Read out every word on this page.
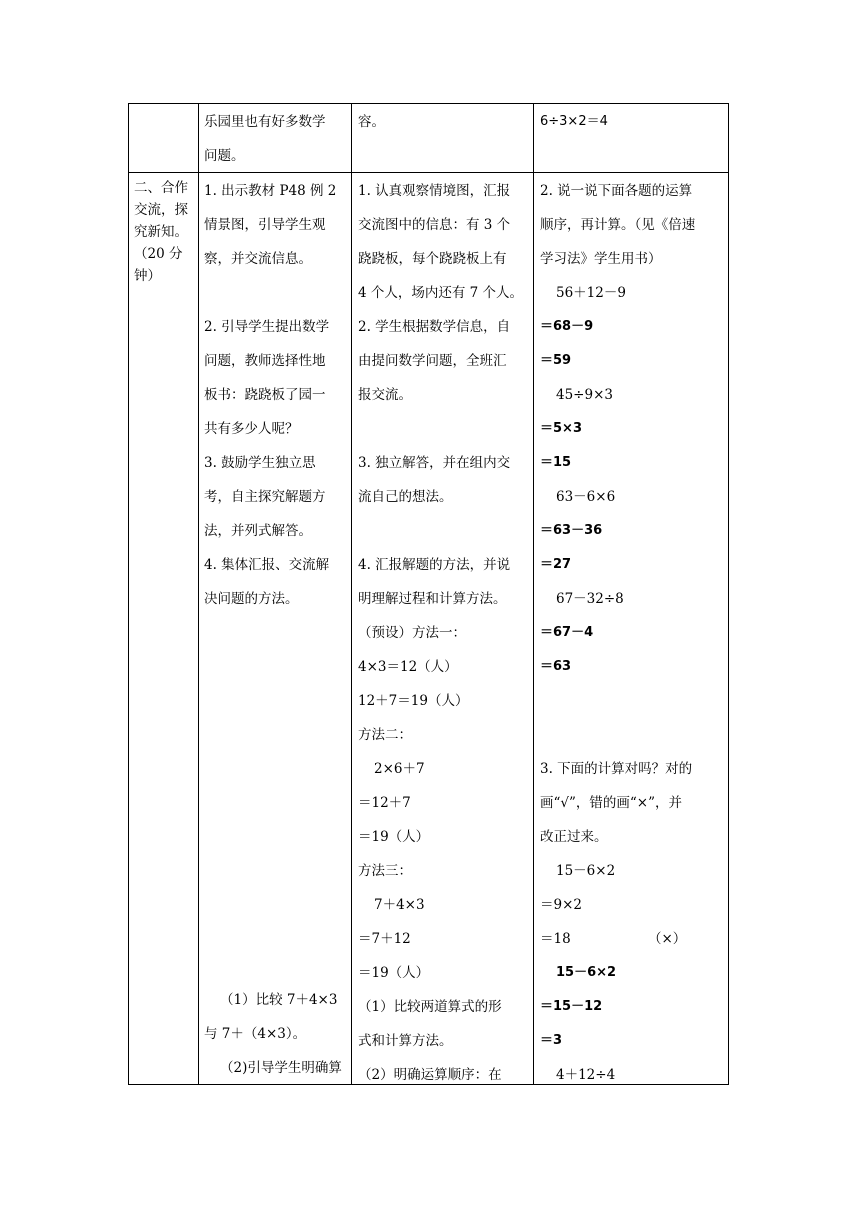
乐园里也有好多数学
问题。
容。	6÷3×2＝4
二、合作
交流，探
究新知。
（20 分
钟）
1. 出示教材 P48 例 2
情景图，引导学生观
察，并交流信息。
2. 引导学生提出数学
问题，教师选择性地
板书：跷跷板了园一
共有多少人呢？
3. 鼓励学生独立思
考，自主探究解题方
法，并列式解答。
4. 集体汇报、交流解
决问题的方法。
（1）比较 7＋4×3
与 7＋（4×3）。
（2)引导学生明确算
1. 认真观察情境图，汇报
交流图中的信息：有 3 个
跷跷板，每个跷跷板上有
4 个人，场内还有 7 个人。
2. 学生根据数学信息，自
由提问数学问题，全班汇
报交流。
3. 独立解答，并在组内交
流自己的想法。
4. 汇报解题的方法，并说
明理解过程和计算方法。
（预设）方法一：
4×3＝12（人）
12＋7＝19（人）
方法二：
2×6＋7
＝12＋7
＝19（人）
方法三：
7＋4×3
＝7＋12
＝19（人）
（1）比较两道算式的形
式和计算方法。
（2）明确运算顺序：在
2. 说一说下面各题的运算
顺序，再计算。（见《倍速
学习法》学生用书）
56＋12－9
＝68－9
＝59
45÷9×3
＝5×3
＝15
63－6×6
＝63－36
＝27
67－32÷8
＝67－4
＝63
3. 下面的计算对吗？对的
画“√”，错的画“×”，并
改正过来。
15－6×2
＝9×2
＝18	（×）
15－6×2
＝15－12
＝3
4＋12÷4
